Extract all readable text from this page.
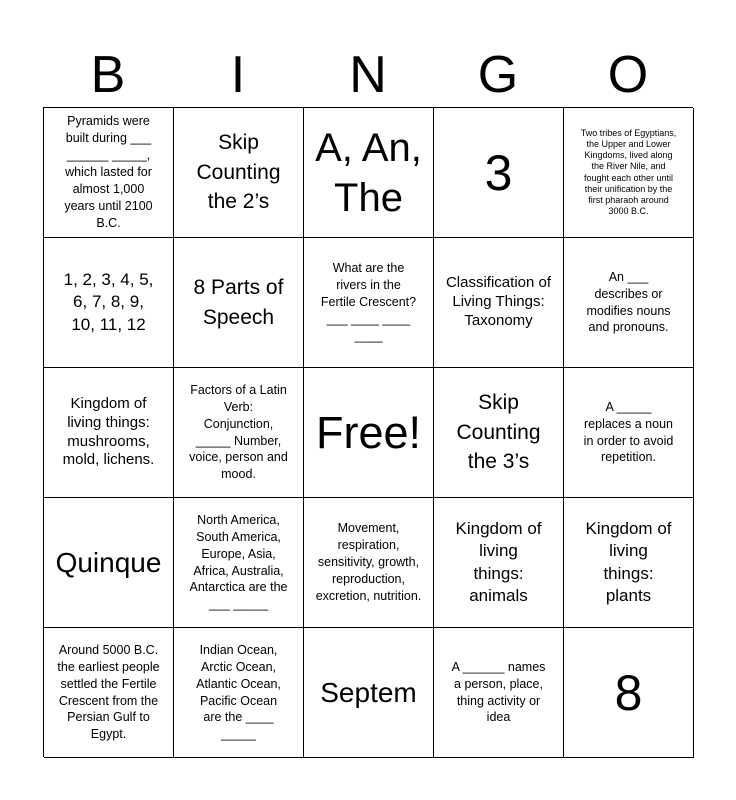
B	I	N	G	O
Pyramids were built during ___ ______ _____, which lasted for almost 1,000 years until 2100 B.C.
Skip Counting the 2’s
A, An,
The	3
Two tribes of Egyptians, the Upper and Lower Kingdoms, lived along the River Nile, and fought each other until their unification by the first pharaoh around 3000 B.C.
1, 2, 3, 4, 5, 6, 7, 8, 9, 10, 11, 12
8 Parts of Speech
What are the rivers in the Fertile Crescent? ___ ____ ____ ____
Classification of Living Things: Taxonomy
An ___ describes or modifies nouns and pronouns.
Kingdom of living things: mushrooms, mold, lichens.
Factors of a Latin Verb: Conjunction, _____ Number, voice, person and mood.
Free!
Skip Counting the 3’s
A _____ replaces a noun in order to avoid repetition.
Quinque
North America, South America, Europe, Asia, Africa, Australia, Antarctica are the ___ _____
Movement, respiration, sensitivity, growth, reproduction, excretion, nutrition.
Kingdom of living things: animals
Kingdom of living things: plants
Around 5000 B.C. the earliest people settled the Fertile Crescent from the Persian Gulf to Egypt.
Indian Ocean, Arctic Ocean, Atlantic Ocean, Pacific Ocean are the ____ _____
Septem
A ______ names a person, place, thing activity or idea	8
